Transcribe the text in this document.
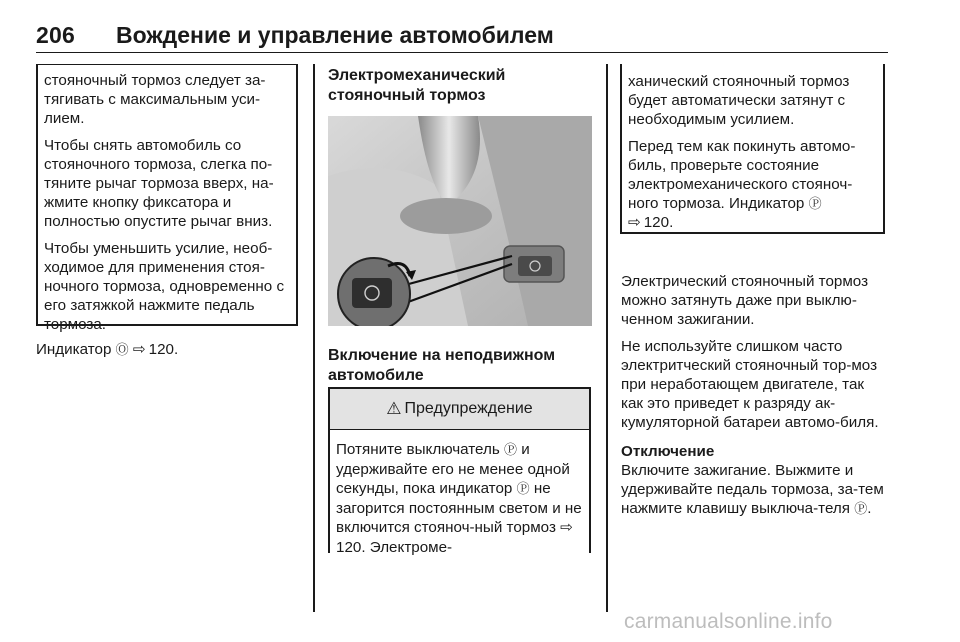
206 Вождение и управление автомобилем

стояночный тормоз следует за-тягивать с максимальным уси-лием.

Чтобы снять автомобиль со стояночного тормоза, слегка по-тяните рычаг тормоза вверх, на-жмите кнопку фиксатора и полностью опустите рычаг вниз.

Чтобы уменьшить усилие, необ-ходимое для применения стоя-ночного тормоза, одновременно с его затяжкой нажмите педаль тормоза.

Индикатор Ⓞ ⇨ 120.
Электромеханический стояночный тормоз
Включение на неподвижном автомобиле
⚠ Предупреждение
Потяните выключатель Ⓟ и удерживайте его не менее одной секунды, пока индикатор Ⓟ не загорится постоянным светом и не включится стояноч-ный тормоз ⇨120. Электроме-

ханический стояночный тормоз будет автоматически затянут с необходимым усилием.

Перед тем как покинуть автомо-биль, проверьте состояние электромеханического стояноч-ного тормоза. Индикатор Ⓟ
⇨ 120.

Электрический стояночный тормоз можно затянуть даже при выклю-ченном зажигании.

Не используйте слишком часто электритческий стояночный тор-моз при неработающем двигателе, так как это приведет к разряду ак-кумуляторной батареи автомо-биля.

Отключение

Включите зажигание. Выжмите и удерживайте педаль тормоза, за-тем нажмите клавишу выключа-теля Ⓟ.

carmanualsonline.info
